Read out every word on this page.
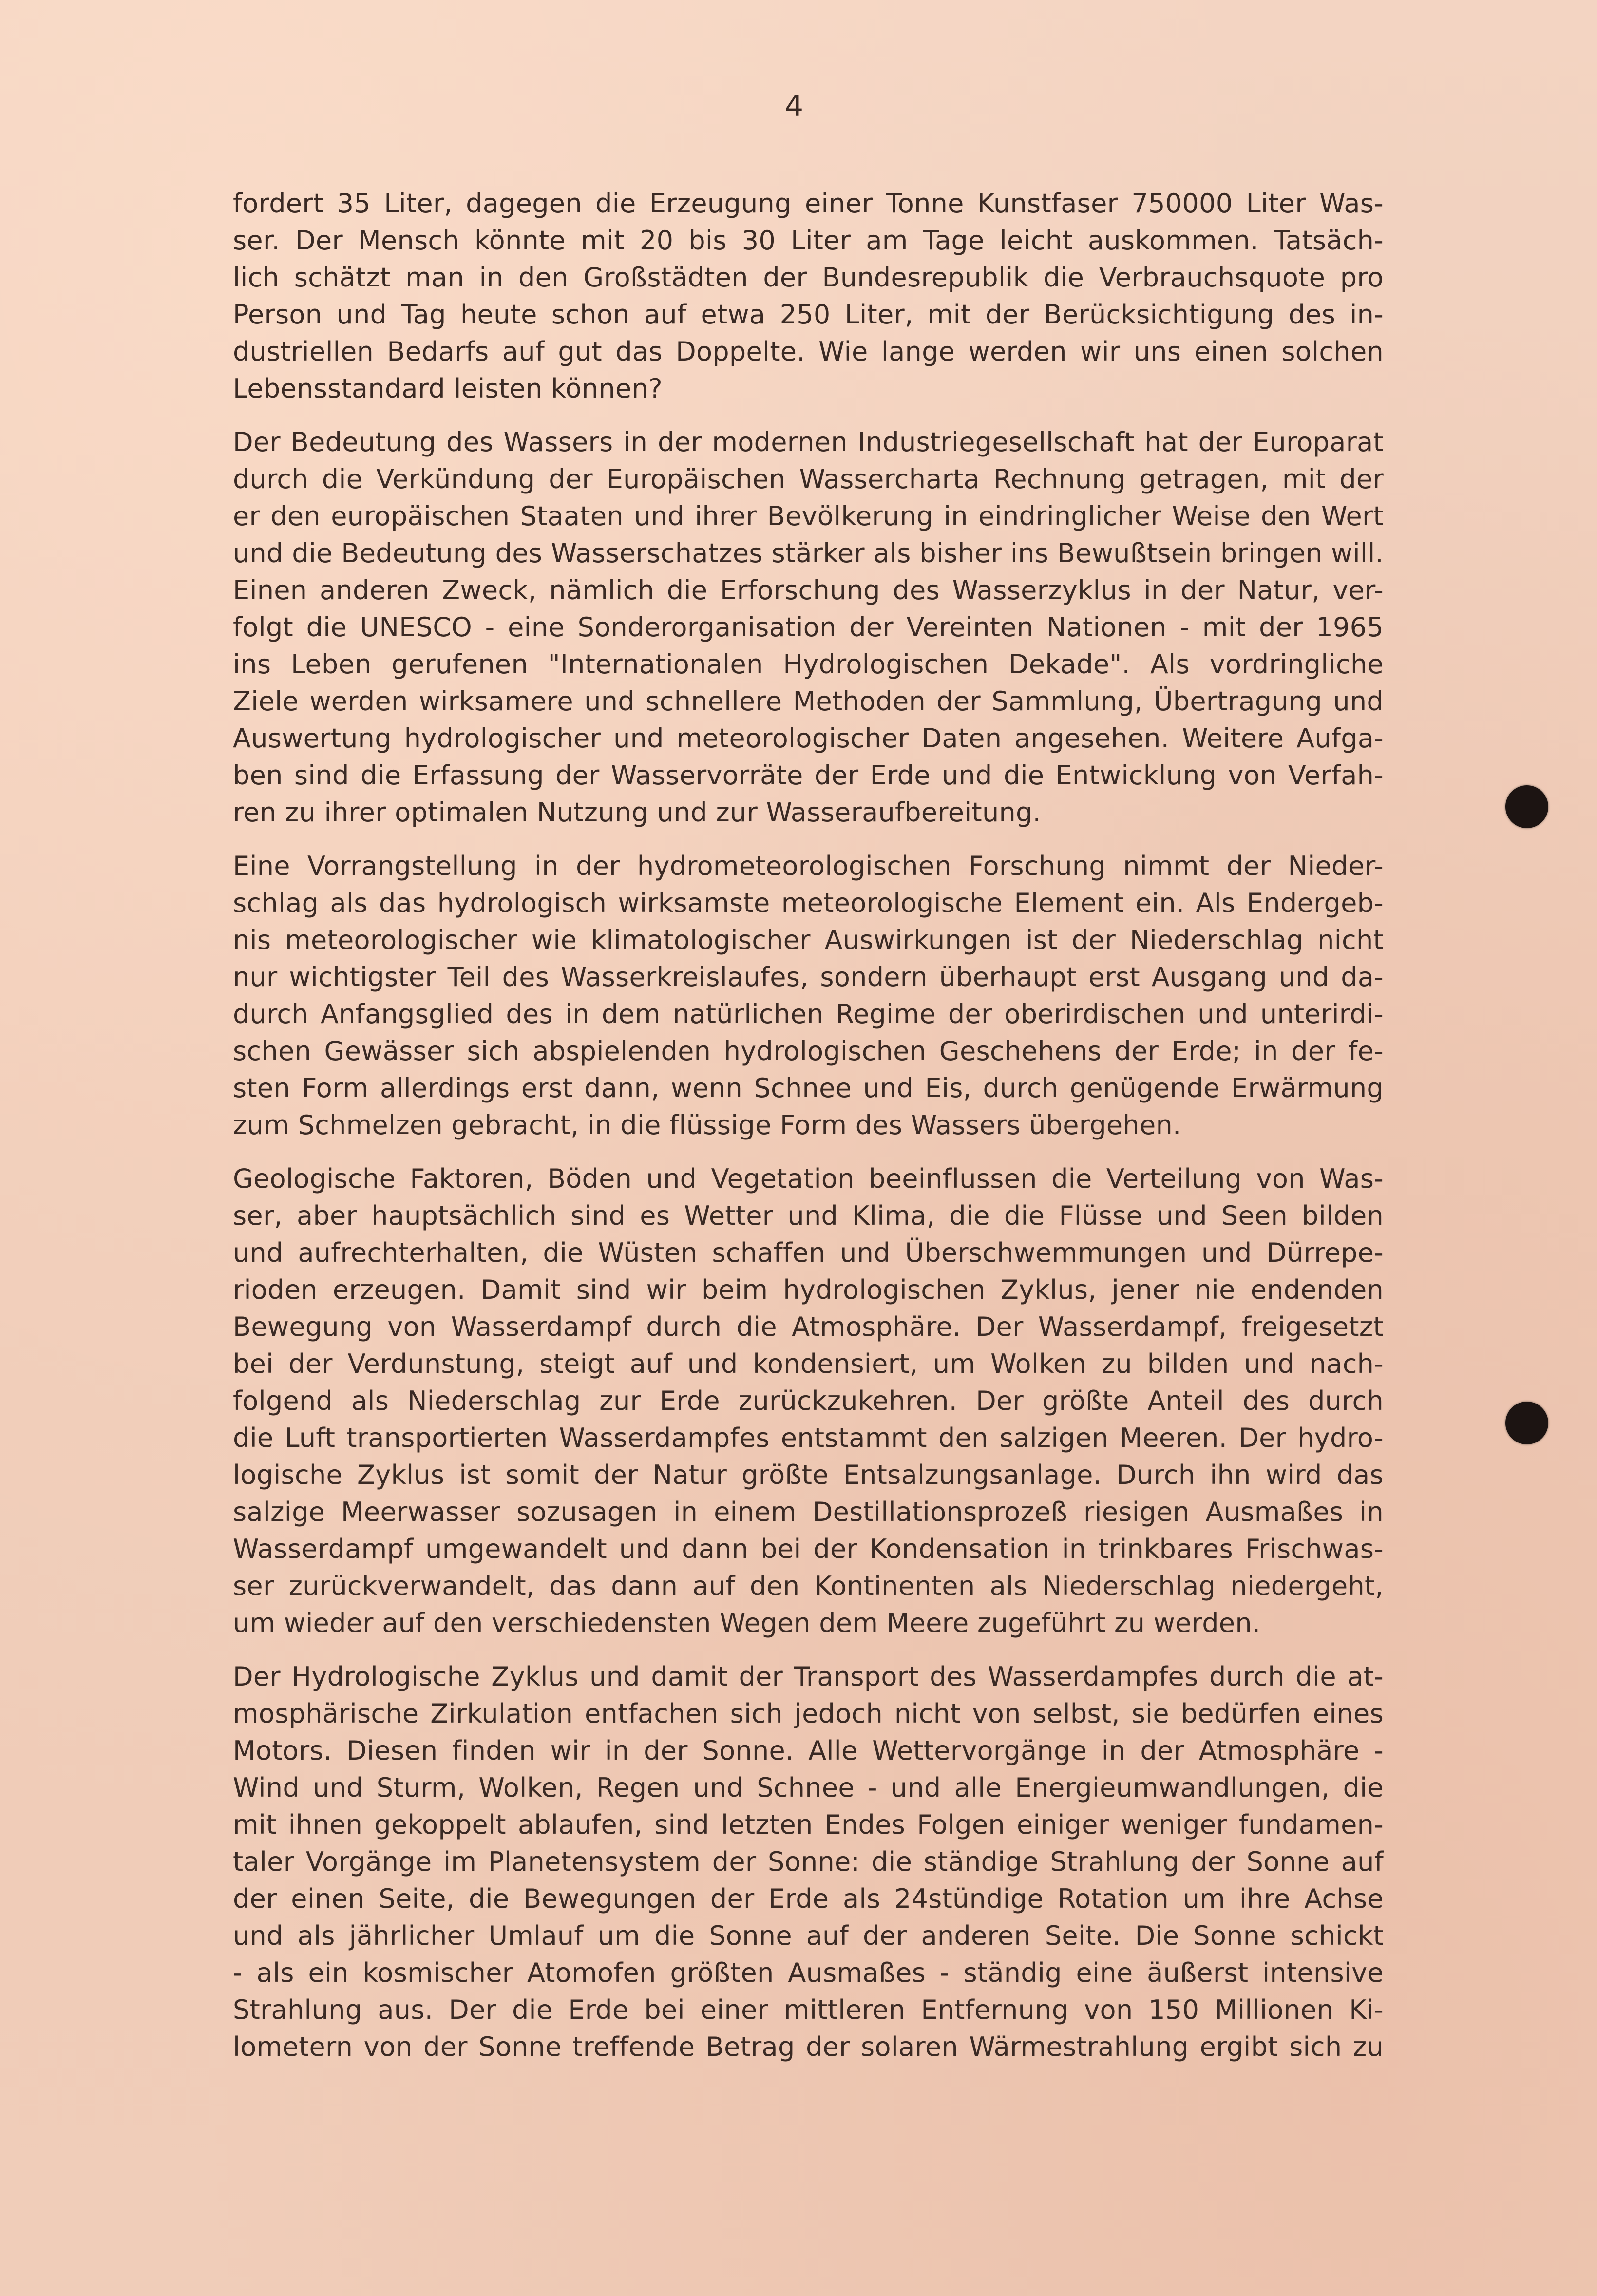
4
fordert 35 Liter, dagegen die Erzeugung einer Tonne Kunstfaser 750000 Liter Was-
ser. Der Mensch könnte mit 20 bis 30 Liter am Tage leicht auskommen. Tatsäch-
lich schätzt man in den Großstädten der Bundesrepublik die Verbrauchsquote pro
Person und Tag heute schon auf etwa 250 Liter, mit der Berücksichtigung des in-
dustriellen Bedarfs auf gut das Doppelte. Wie lange werden wir uns einen solchen
Lebensstandard leisten können?
Der Bedeutung des Wassers in der modernen Industriegesellschaft hat der Europarat
durch die Verkündung der Europäischen Wassercharta Rechnung getragen, mit der
er den europäischen Staaten und ihrer Bevölkerung in eindringlicher Weise den Wert
und die Bedeutung des Wasserschatzes stärker als bisher ins Bewußtsein bringen will.
Einen anderen Zweck, nämlich die Erforschung des Wasserzyklus in der Natur, ver-
folgt die UNESCO - eine Sonderorganisation der Vereinten Nationen - mit der 1965
ins Leben gerufenen "Internationalen Hydrologischen Dekade". Als vordringliche
Ziele werden wirksamere und schnellere Methoden der Sammlung, Übertragung und
Auswertung hydrologischer und meteorologischer Daten angesehen. Weitere Aufga-
ben sind die Erfassung der Wasservorräte der Erde und die Entwicklung von Verfah-
ren zu ihrer optimalen Nutzung und zur Wasseraufbereitung.
Eine Vorrangstellung in der hydrometeorologischen Forschung nimmt der Nieder-
schlag als das hydrologisch wirksamste meteorologische Element ein. Als Endergeb-
nis meteorologischer wie klimatologischer Auswirkungen ist der Niederschlag nicht
nur wichtigster Teil des Wasserkreislaufes, sondern überhaupt erst Ausgang und da-
durch Anfangsglied des in dem natürlichen Regime der oberirdischen und unterirdi-
schen Gewässer sich abspielenden hydrologischen Geschehens der Erde; in der fe-
sten Form allerdings erst dann, wenn Schnee und Eis, durch genügende Erwärmung
zum Schmelzen gebracht, in die flüssige Form des Wassers übergehen.
Geologische Faktoren, Böden und Vegetation beeinflussen die Verteilung von Was-
ser, aber hauptsächlich sind es Wetter und Klima, die die Flüsse und Seen bilden
und aufrechterhalten, die Wüsten schaffen und Überschwemmungen und Dürrepe-
rioden erzeugen. Damit sind wir beim hydrologischen Zyklus, jener nie endenden
Bewegung von Wasserdampf durch die Atmosphäre. Der Wasserdampf, freigesetzt
bei der Verdunstung, steigt auf und kondensiert, um Wolken zu bilden und nach-
folgend als Niederschlag zur Erde zurückzukehren. Der größte Anteil des durch
die Luft transportierten Wasserdampfes entstammt den salzigen Meeren. Der hydro-
logische Zyklus ist somit der Natur größte Entsalzungsanlage. Durch ihn wird das
salzige Meerwasser sozusagen in einem Destillationsprozeß riesigen Ausmaßes in
Wasserdampf umgewandelt und dann bei der Kondensation in trinkbares Frischwas-
ser zurückverwandelt, das dann auf den Kontinenten als Niederschlag niedergeht,
um wieder auf den verschiedensten Wegen dem Meere zugeführt zu werden.
Der Hydrologische Zyklus und damit der Transport des Wasserdampfes durch die at-
mosphärische Zirkulation entfachen sich jedoch nicht von selbst, sie bedürfen eines
Motors. Diesen finden wir in der Sonne. Alle Wettervorgänge in der Atmosphäre -
Wind und Sturm, Wolken, Regen und Schnee - und alle Energieumwandlungen, die
mit ihnen gekoppelt ablaufen, sind letzten Endes Folgen einiger weniger fundamen-
taler Vorgänge im Planetensystem der Sonne: die ständige Strahlung der Sonne auf
der einen Seite, die Bewegungen der Erde als 24stündige Rotation um ihre Achse
und als jährlicher Umlauf um die Sonne auf der anderen Seite. Die Sonne schickt
- als ein kosmischer Atomofen größten Ausmaßes - ständig eine äußerst intensive
Strahlung aus. Der die Erde bei einer mittleren Entfernung von 150 Millionen Ki-
lometern von der Sonne treffende Betrag der solaren Wärmestrahlung ergibt sich zu
